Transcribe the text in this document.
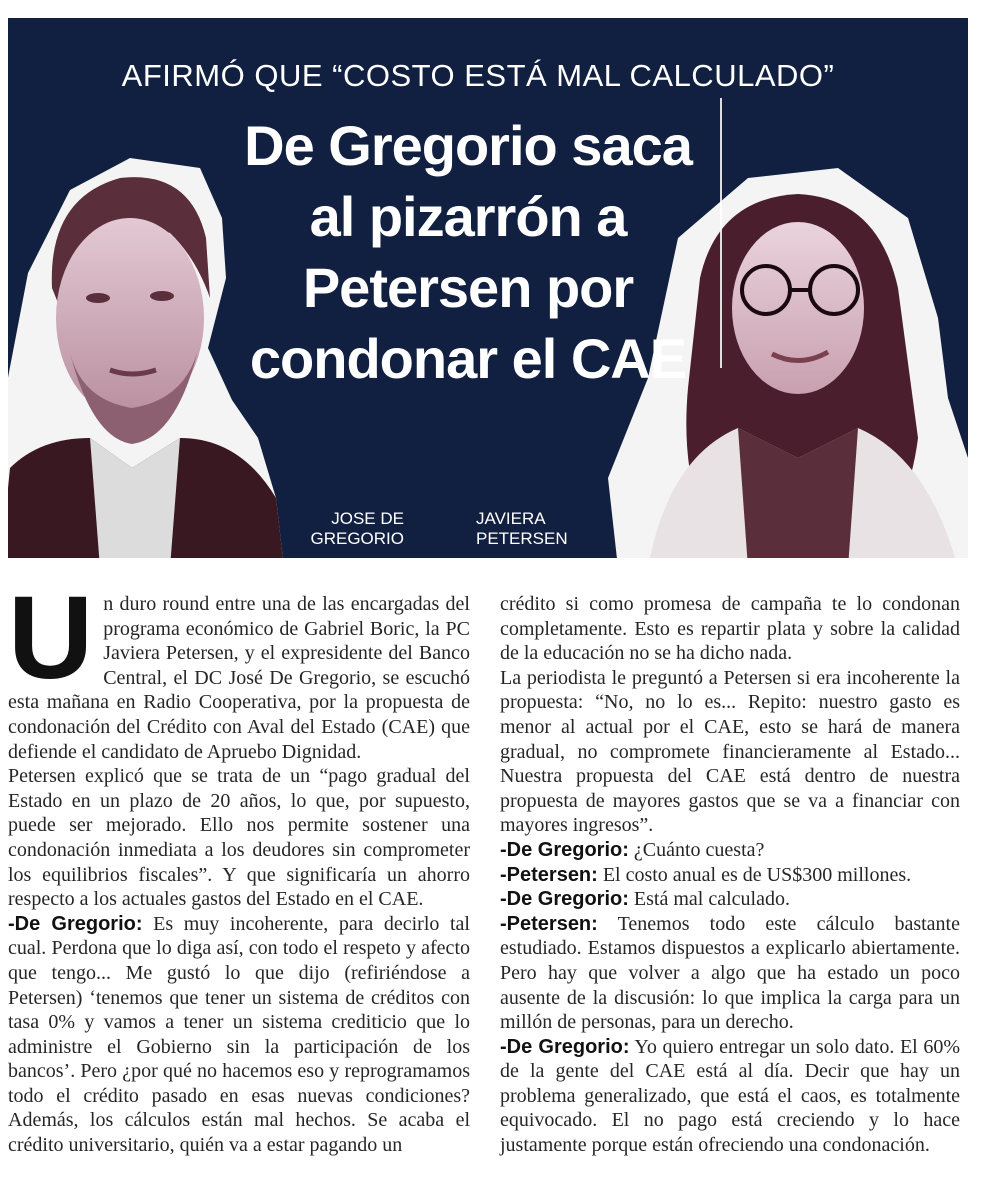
AFIRMÓ QUE “COSTO ESTÁ MAL CALCULADO”
De Gregorio saca
al pizarrón a
Petersen por
condonar el CAE
JOSE DE
GREGORIO
JAVIERA
PETERSEN
U n duro round entre una de las encargadas del programa económico de Gabriel Boric, la PC Javiera Petersen, y el expresidente del Banco Central, el DC José De Gregorio, se escuchó esta mañana en Radio Cooperativa, por la propuesta de condonación del Crédito con Aval del Estado (CAE) que defiende el candidato de Apruebo Dignidad.

Petersen explicó que se trata de un “pago gradual del Estado en un plazo de 20 años, lo que, por supuesto, puede ser mejorado. Ello nos permite sostener una condonación inmediata a los deudores sin comprometer los equilibrios fiscales”. Y que significaría un ahorro respecto a los actuales gastos del Estado en el CAE.

-De Gregorio: Es muy incoherente, para decirlo tal cual. Perdona que lo diga así, con todo el respeto y afecto que tengo... Me gustó lo que dijo (refiriéndose a Petersen) ‘tenemos que tener un sistema de créditos con tasa 0% y vamos a tener un sistema crediticio que lo administre el Gobierno sin la participación de los bancos’. Pero ¿por qué no hacemos eso y reprogramamos todo el crédito pasado en esas nuevas condiciones? Además, los cálculos están mal hechos. Se acaba el crédito universitario, quién va a estar pagando un

crédito si como promesa de campaña te lo condonan completamente. Esto es repartir plata y sobre la calidad de la educación no se ha dicho nada.

La periodista le preguntó a Petersen si era incoherente la propuesta: “No, no lo es... Repito: nuestro gasto es menor al actual por el CAE, esto se hará de manera gradual, no compromete financieramente al Estado... Nuestra propuesta del CAE está dentro de nuestra propuesta de mayores gastos que se va a financiar con mayores ingresos”.

-De Gregorio: ¿Cuánto cuesta?

-Petersen: El costo anual es de US$300 millones.

-De Gregorio: Está mal calculado.

-Petersen: Tenemos todo este cálculo bastante estudiado. Estamos dispuestos a explicarlo abiertamente. Pero hay que volver a algo que ha estado un poco ausente de la discusión: lo que implica la carga para un millón de personas, para un derecho.

-De Gregorio: Yo quiero entregar un solo dato. El 60% de la gente del CAE está al día. Decir que hay un problema generalizado, que está el caos, es totalmente equivocado. El no pago está creciendo y lo hace justamente porque están ofreciendo una condonación.
